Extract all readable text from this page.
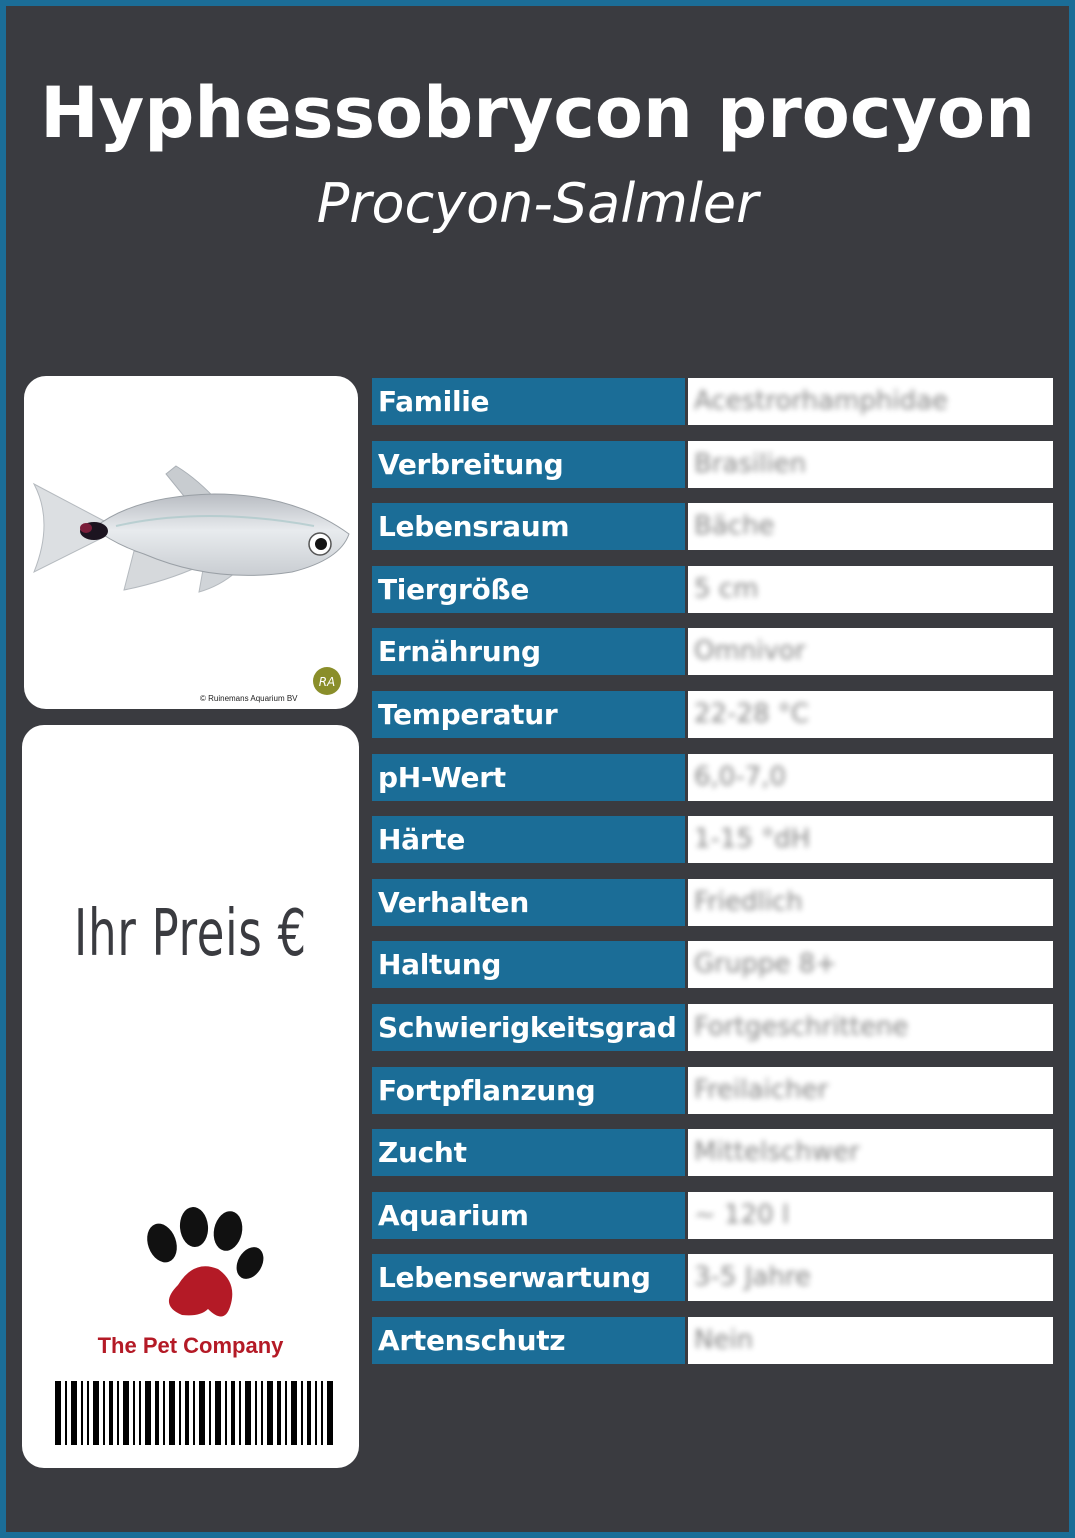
Hyphessobrycon procyon
Procyon-Salmler
RA
© Ruinemans Aquarium BV
Ihr Preis €
The Pet Company
Familie	Acestrorhamphidae
Verbreitung	Brasilien
Lebensraum	Bäche
Tiergröße	5 cm
Ernährung	Omnivor
Temperatur	22-28 °C
pH-Wert	6,0-7,0
Härte	1-15 °dH
Verhalten	Friedlich
Haltung	Gruppe 8+
Schwierigkeitsgrad Fortgeschrittene
Fortpflanzung	Freilaicher
Zucht	Mittelschwer
Aquarium	~ 120 l
Lebenserwartung	3-5 Jahre
Artenschutz	Nein
